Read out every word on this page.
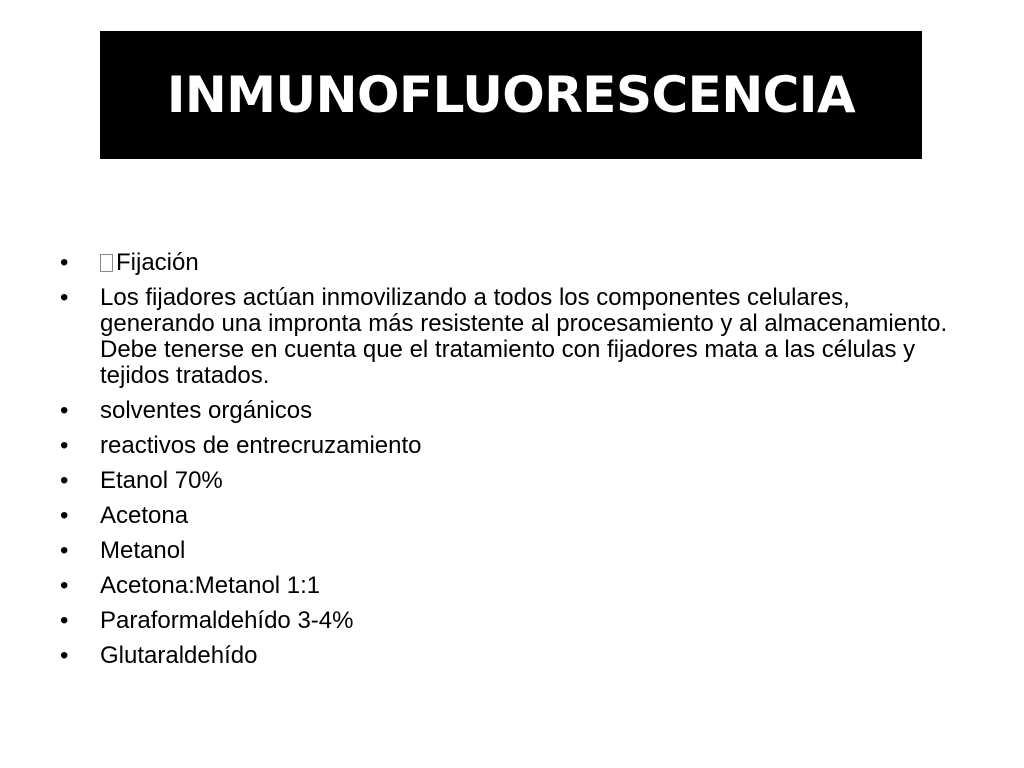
INMUNOFLUORESCENCIA
•	Fijación
•	Los fijadores actúan inmovilizando a todos los componentes celulares, generando una impronta más resistente al procesamiento y al almacenamiento. Debe tenerse en cuenta que el tratamiento con fijadores mata a las células y tejidos tratados.
•	solventes orgánicos
•	reactivos de entrecruzamiento
•	Etanol 70%
•	Acetona
•	Metanol
•	Acetona:Metanol 1:1
•	Paraformaldehído 3-4%
•	Glutaraldehído
